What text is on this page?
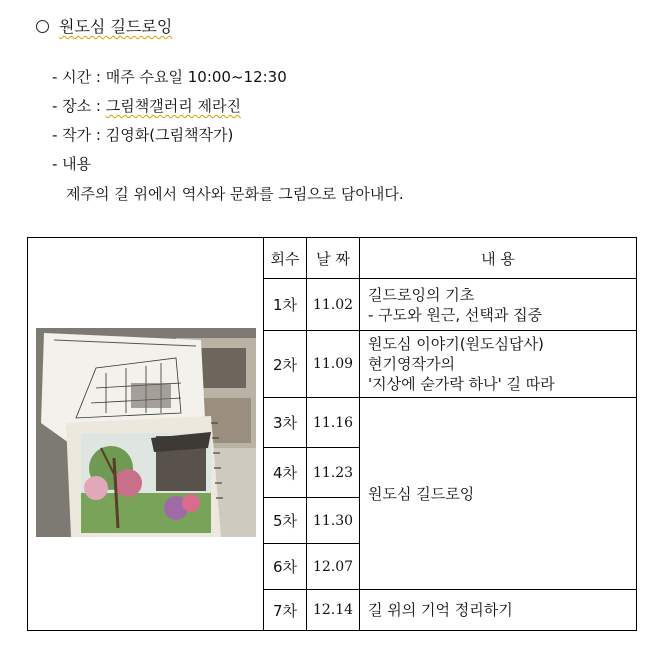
원도심 길드로잉
- 시간 : 매주 수요일 10:00~12:30
- 장소 : 그림책갤러리 제라진
- 작가 : 김영화(그림책작가)
- 내용
제주의 길 위에서 역사와 문화를 그림으로 담아내다.
	회수	날 짜	내 용
	1차	11.02	길드로잉의 기초
- 구도와 원근, 선택과 집중

	2차	11.09	원도심 이야기(원도심답사)
현기영작가의
'지상에 숟가락 하나' 길 따라

	3차	11.16	원도심 길드로잉
	4차	11.23	
	5차	11.30	
	6차	12.07	
	7차	12.14	길 위의 기억 정리하기
